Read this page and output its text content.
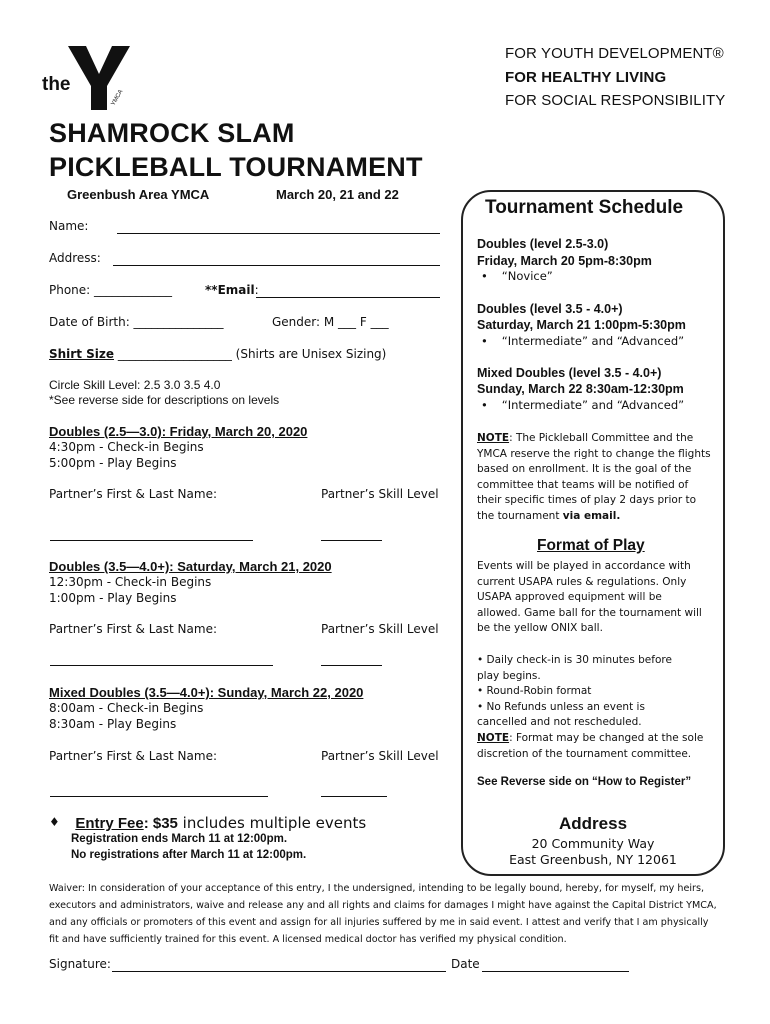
the
YMCA
FOR YOUTH DEVELOPMENT®
FOR HEALTHY LIVING
FOR SOCIAL RESPONSIBILITY
SHAMROCK SLAM
PICKLEBALL TOURNAMENT
Greenbush Area YMCA	March 20, 21 and 22
Name:
Address:
Phone: _____________	**Email:
Date of Birth: _______________	Gender: M ___ F ___
Shirt Size ___________________ (Shirts are Unisex Sizing)
Circle Skill Level: 2.5 3.0 3.5 4.0
*See reverse side for descriptions on levels
Doubles (2.5—3.0): Friday, March 20, 2020
4:30pm - Check-in Begins
5:00pm - Play Begins
Partner’s First & Last Name:	Partner’s Skill Level
Doubles (3.5—4.0+): Saturday, March 21, 2020
12:30pm - Check-in Begins
1:00pm - Play Begins
Partner’s First & Last Name:	Partner’s Skill Level
Mixed Doubles (3.5—4.0+): Sunday, March 22, 2020
8:00am - Check-in Begins
8:30am - Play Begins
Partner’s First & Last Name:	Partner’s Skill Level
♦ Entry Fee: $35 includes multiple events
Registration ends March 11 at 12:00pm.
No registrations after March 11 at 12:00pm.
Tournament Schedule
Doubles (level 2.5-3.0)
Friday, March 20 5pm-8:30pm
• “Novice”
Doubles (level 3.5 - 4.0+)
Saturday, March 21 1:00pm-5:30pm
• “Intermediate” and “Advanced”
Mixed Doubles (level 3.5 - 4.0+)
Sunday, March 22 8:30am-12:30pm
• “Intermediate” and “Advanced”
NOTE: The Pickleball Committee and the
YMCA reserve the right to change the flights
based on enrollment. It is the goal of the
committee that teams will be notified of
their specific times of play 2 days prior to
the tournament via email.
Format of Play
Events will be played in accordance with
current USAPA rules & regulations. Only
USAPA approved equipment will be
allowed. Game ball for the tournament will
be the yellow ONIX ball.
• Daily check-in is 30 minutes before
play begins.
• Round-Robin format
• No Refunds unless an event is
cancelled and not rescheduled.
NOTE: Format may be changed at the sole
discretion of the tournament committee.
See Reverse side on “How to Register”
Address
20 Community Way
East Greenbush, NY 12061
Waiver: In consideration of your acceptance of this entry, I the undersigned, intending to be legally bound, hereby, for myself, my heirs, executors and administrators, waive and release any and all rights and claims for damages I might have against the Capital District YMCA, and any officials or promoters of this event and assign for all injuries suffered by me in said event. I attest and verify that I am physically fit and have sufficiently trained for this event. A licensed medical doctor has verified my physical condition.
Signature:	Date
